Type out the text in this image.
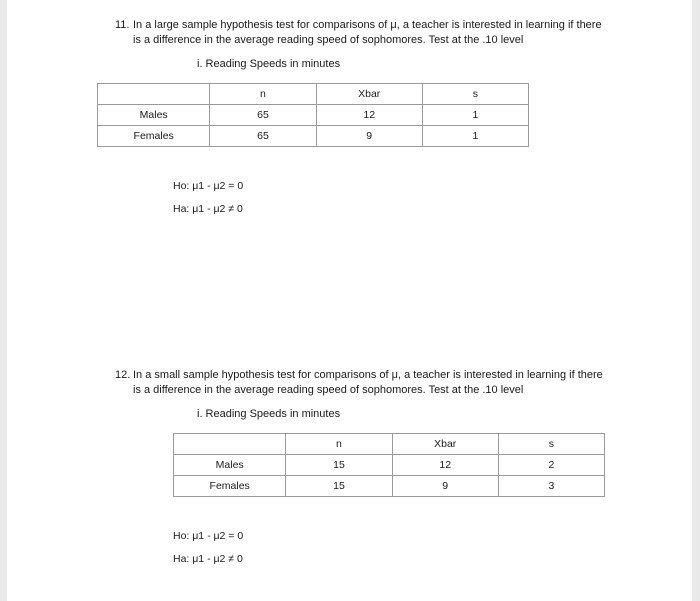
11. In a large sample hypothesis test for comparisons of μ, a teacher is interested in learning if there
is a difference in the average reading speed of sophomores. Test at the .10 level
i. Reading Speeds in minutes
	n	Xbar	s
Males	65	12	1
Females	65	9	1
Ho: μ1 - μ2 = 0
Ha: μ1 - μ2 ≠ 0
12. In a small sample hypothesis test for comparisons of μ, a teacher is interested in learning if there
is a difference in the average reading speed of sophomores. Test at the .10 level
i. Reading Speeds in minutes
	n	Xbar	s
Males	15	12	2
Females	15	9	3
Ho: μ1 - μ2 = 0
Ha: μ1 - μ2 ≠ 0
